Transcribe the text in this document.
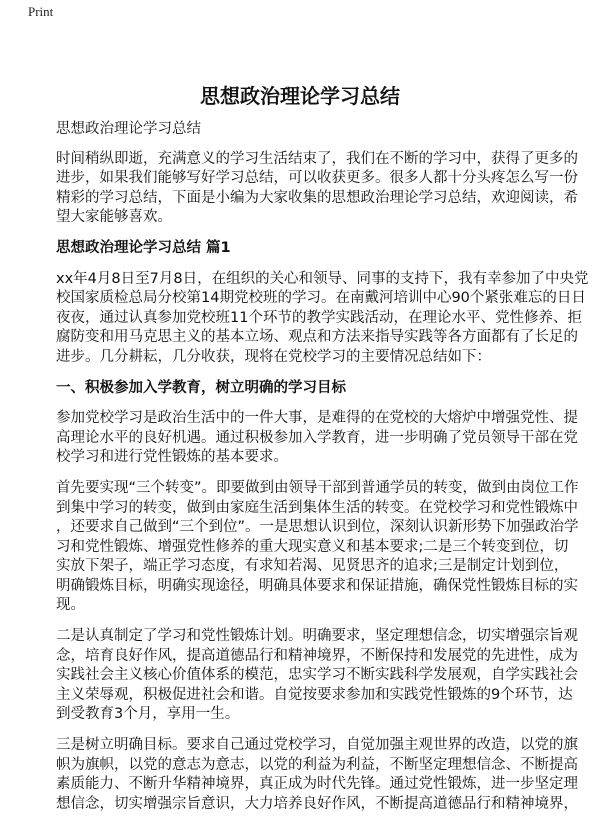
Print
思想政治理论学习总结
思想政治理论学习总结
时间稍纵即逝，充满意义的学习生活结束了，我们在不断的学习中，获得了更多的
进步，如果我们能够写好学习总结，可以收获更多。很多人都十分头疼怎么写一份
精彩的学习总结，下面是小编为大家收集的思想政治理论学习总结，欢迎阅读，希
望大家能够喜欢。
思想政治理论学习总结 篇1
xx年4月8日至7月8日，在组织的关心和领导、同事的支持下，我有幸参加了中央党
校国家质检总局分校第14期党校班的学习。在南戴河培训中心90个紧张难忘的日日
夜夜，通过认真参加党校班11个环节的教学实践活动，在理论水平、党性修养、拒
腐防变和用马克思主义的基本立场、观点和方法来指导实践等各方面都有了长足的
进步。几分耕耘，几分收获，现将在党校学习的主要情况总结如下：
一、积极参加入学教育，树立明确的学习目标
参加党校学习是政治生活中的一件大事，是难得的在党校的大熔炉中增强党性、提
高理论水平的良好机遇。通过积极参加入学教育，进一步明确了党员领导干部在党
校学习和进行党性锻炼的基本要求。
首先要实现“三个转变”。即要做到由领导干部到普通学员的转变，做到由岗位工作
到集中学习的转变，做到由家庭生活到集体生活的转变。在党校学习和党性锻炼中
，还要求自己做到“三个到位”。一是思想认识到位，深刻认识新形势下加强政治学
习和党性锻炼、增强党性修养的重大现实意义和基本要求;二是三个转变到位，切
实放下架子，端正学习态度，有求知若渴、见贤思齐的追求;三是制定计划到位，
明确锻炼目标，明确实现途径，明确具体要求和保证措施，确保党性锻炼目标的实
现。
二是认真制定了学习和党性锻炼计划。明确要求，坚定理想信念，切实增强宗旨观
念，培育良好作风，提高道德品行和精神境界，不断保持和发展党的先进性，成为
实践社会主义核心价值体系的模范，忠实学习不断实践科学发展观，自学实践社会
主义荣辱观，积极促进社会和谐。自觉按要求参加和实践党性锻炼的9个环节，达
到受教育3个月，享用一生。
三是树立明确目标。要求自己通过党校学习，自觉加强主观世界的改造，以党的旗
帜为旗帜，以党的意志为意志，以党的利益为利益，不断坚定理想信念、不断提高
素质能力、不断升华精神境界，真正成为时代先锋。通过党性锻炼，进一步坚定理
想信念，切实增强宗旨意识，大力培养良好作风，不断提高道德品行和精神境界，
